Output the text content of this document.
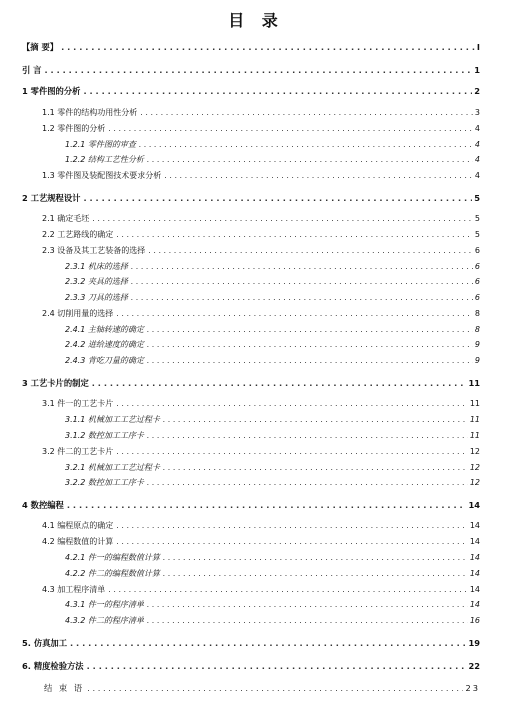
目 录
【摘 要】 . . .	I
引 言 . . .	1
1 零件图的分析 . . .	2
1.1 零件的结构功用性分析 . . .	3
1.2 零件图的分析 . . .	4
1.2.1 零件图的审查 . . .	4
1.2.2 结构工艺性分析 . . .	4
1.3 零件图及装配图技术要求分析 . . .	4
2 工艺规程设计 . . .	5
2.1 确定毛坯 . . .	5
2.2 工艺路线的确定 . . .	5
2.3 设备及其工艺装备的选择 . . .	6
2.3.1 机床的选择 . . .	6
2.3.2 夹具的选择 . . .	6
2.3.3 刀具的选择 . . .	6
2.4 切削用量的选择 . . .	8
2.4.1 主轴转速的确定 . . .	8
2.4.2 进给速度的确定 . . .	9
2.4.3 背吃刀量的确定 . . .	9
3 工艺卡片的制定 . . .	11
3.1 件一的工艺卡片 . . .	11
3.1.1 机械加工工艺过程卡 . . .	11
3.1.2 数控加工工序卡 . . .	11
3.2 件二的工艺卡片 . . .	12
3.2.1 机械加工工艺过程卡 . . .	12
3.2.2 数控加工工序卡 . . .	12
4 数控编程 . . .	14
4.1 编程原点的确定 . . .	14
4.2 编程数值的计算 . . .	14
4.2.1 件一的编程数值计算 . . .	14
4.2.2 件二的编程数值计算 . . .	14
4.3 加工程序清单 . . .	14
4.3.1 件一的程序清单 . . .	14
4.3.2 件二的程序清单 . . .	16
5. 仿真加工 . . .	19
6. 精度检验方法 . . .	22
结 束 语 . . .	23
